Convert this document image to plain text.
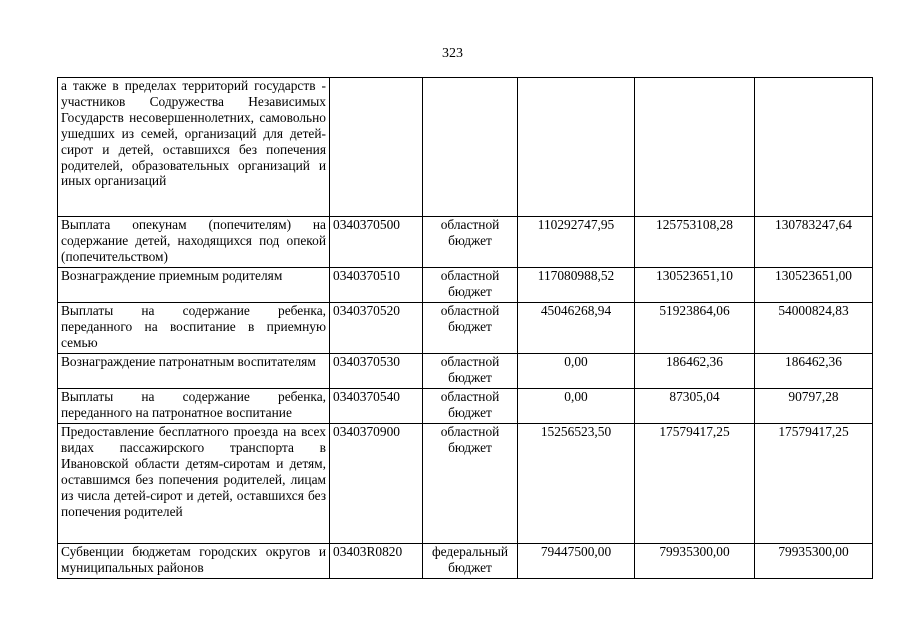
323
а также в пределах территорий государств - участников Содружества Независимых Государств несовершеннолетних, самовольно ушедших из семей, организаций для детей-сирот и детей, оставшихся без попечения родителей, образовательных организаций и иных организаций					

Выплата опекунам (попечителям) на содержание детей, находящихся под опекой (попечительством)	0340370500	областной бюджет	110292747,95	125753108,28	130783247,64

Вознаграждение приемным родителям	0340370510	областной бюджет	117080988,52	130523651,10	130523651,00

Выплаты на содержание ребенка, переданного на воспитание в приемную семью	0340370520	областной бюджет	45046268,94	51923864,06	54000824,83

Вознаграждение патронатным воспитателям	0340370530	областной бюджет	0,00	186462,36	186462,36

Выплаты на содержание ребенка, переданного на патронатное воспитание	0340370540	областной бюджет	0,00	87305,04	90797,28

Предоставление бесплатного проезда на всех видах пассажирского транспорта в Ивановской области детям-сиротам и детям, оставшимся без попечения родителей, лицам из числа детей-сирот и детей, оставшихся без попечения родителей	0340370900	областной бюджет	15256523,50	17579417,25	17579417,25

Субвенции бюджетам городских округов и муниципальных районов	03403R0820	федеральный бюджет	79447500,00	79935300,00	79935300,00
